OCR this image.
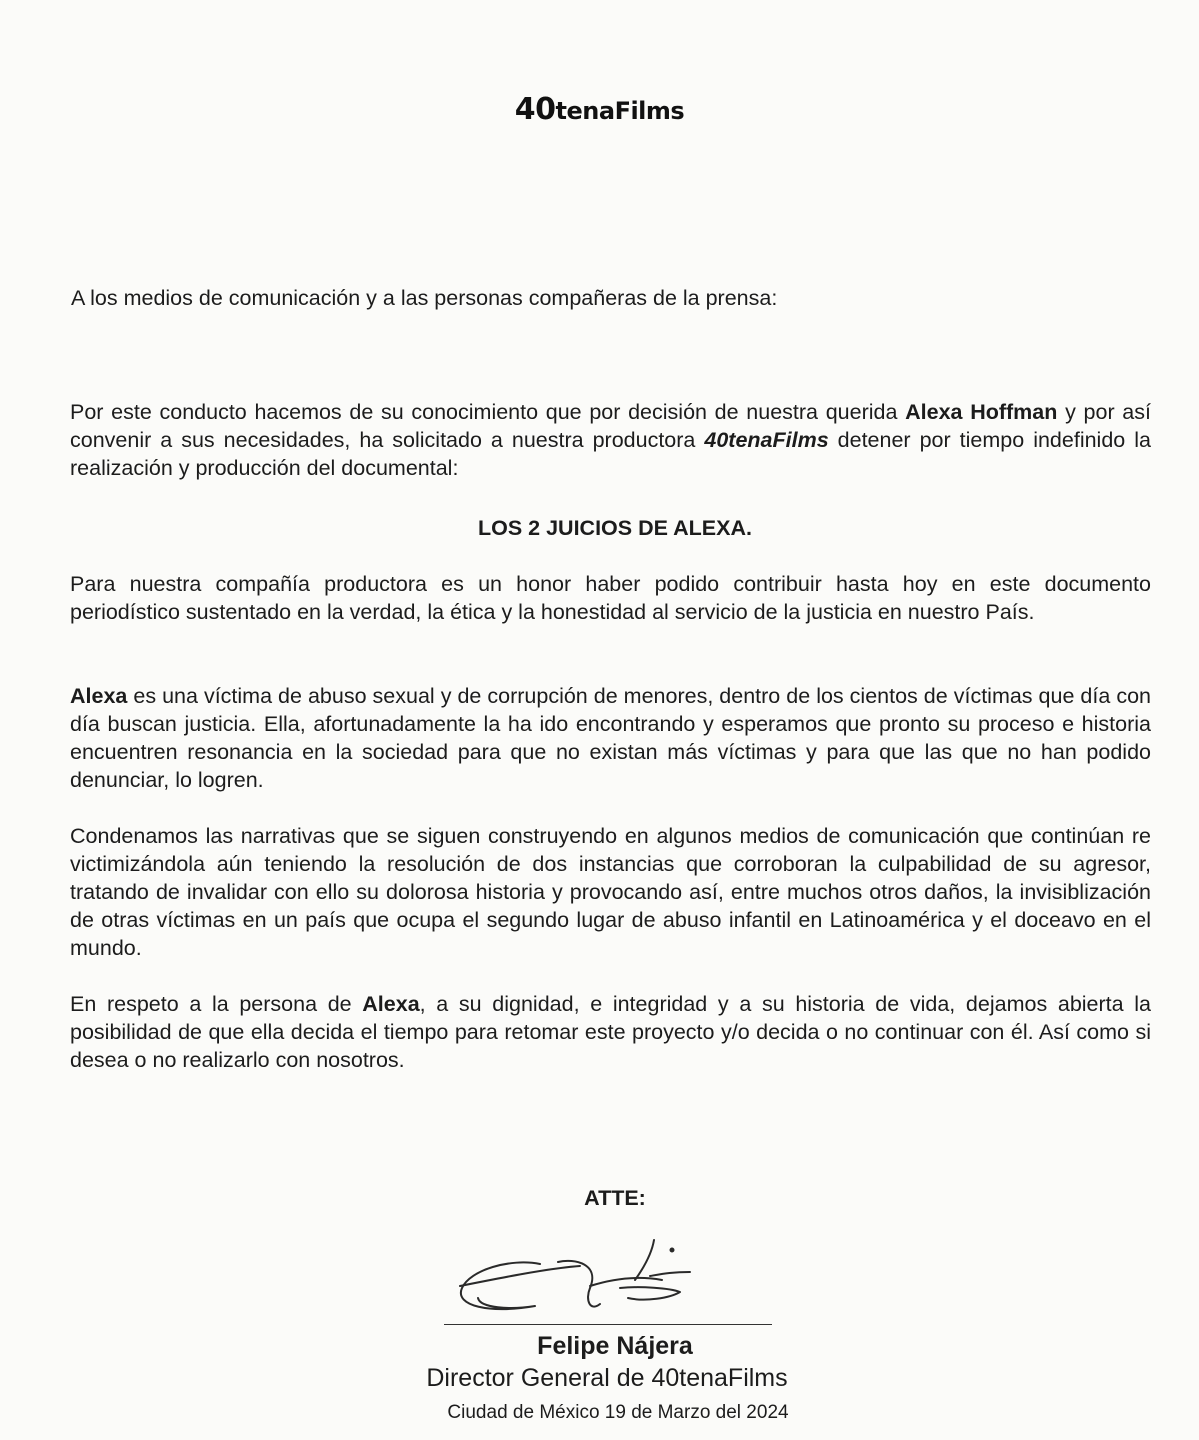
40tenaFilms
A los medios de comunicación y a las personas compañeras de la prensa:
Por este conducto hacemos de su conocimiento que por decisión de nuestra querida Alexa Hoffman y por así convenir a sus necesidades, ha solicitado a nuestra productora 40tenaFilms detener por tiempo indefinido la realización y producción del documental:
LOS 2 JUICIOS DE ALEXA.
Para nuestra compañía productora es un honor haber podido contribuir hasta hoy en este documento periodístico sustentado en la verdad, la ética y la honestidad al servicio de la justicia en nuestro País.
Alexa es una víctima de abuso sexual y de corrupción de menores, dentro de los cientos de víctimas que día con día buscan justicia. Ella, afortunadamente la ha ido encontrando y esperamos que pronto su proceso e historia encuentren resonancia en la sociedad para que no existan más víctimas y para que las que no han podido denunciar, lo logren.
Condenamos las narrativas que se siguen construyendo en algunos medios de comunicación que continúan re victimizándola aún teniendo la resolución de dos instancias que corroboran la culpabilidad de su agresor, tratando de invalidar con ello su dolorosa historia y provocando así, entre muchos otros daños, la invisiblización de otras víctimas en un país que ocupa el segundo lugar de abuso infantil en Latinoamérica y el doceavo en el mundo.
En respeto a la persona de Alexa, a su dignidad, e integridad y a su historia de vida, dejamos abierta la posibilidad de que ella decida el tiempo para retomar este proyecto y/o decida o no continuar con él. Así como si desea o no realizarlo con nosotros.
ATTE:
Felipe Nájera
Director General de 40tenaFilms
Ciudad de México 19 de Marzo del 2024
